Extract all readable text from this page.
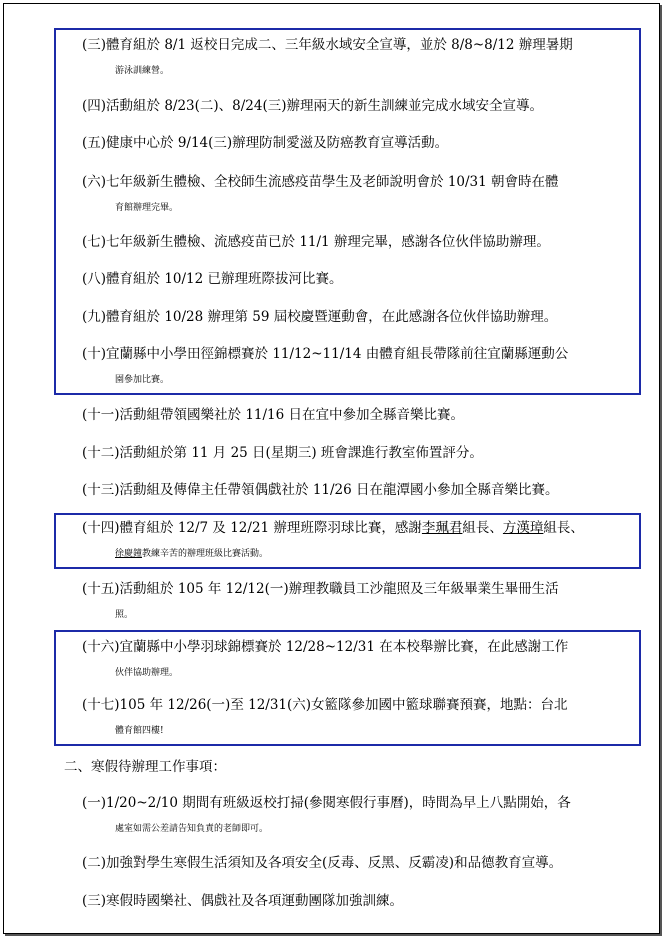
(三)體育組於 8/1 返校日完成二、三年級水域安全宣導，並於 8/8~8/12 辦理暑期
游泳訓練營。
(四)活動組於 8/23(二)、8/24(三)辦理兩天的新生訓練並完成水域安全宣導。
(五)健康中心於 9/14(三)辦理防制愛滋及防癌教育宣導活動。
(六)七年級新生體檢、全校師生流感疫苗學生及老師說明會於 10/31 朝會時在體
育館辦理完畢。
(七)七年級新生體檢、流感疫苗已於 11/1 辦理完畢，感謝各位伙伴協助辦理。
(八)體育組於 10/12 已辦理班際拔河比賽。
(九)體育組於 10/28 辦理第 59 屆校慶暨運動會，在此感謝各位伙伴協助辦理。
(十)宜蘭縣中小學田徑錦標賽於 11/12~11/14 由體育組長帶隊前往宜蘭縣運動公
園參加比賽。
(十一)活動組帶領國樂社於 11/16 日在宜中參加全縣音樂比賽。
(十二)活動組於第 11 月 25 日(星期三) 班會課進行教室佈置評分。
(十三)活動組及傳偉主任帶領偶戲社於 11/26 日在龍潭國小參加全縣音樂比賽。
(十四)體育組於 12/7 及 12/21 辦理班際羽球比賽，感謝李珮君組長、方漢璋組長、
徐慶鐘教練辛苦的辦理班級比賽活動。
(十五)活動組於 105 年 12/12(一)辦理教職員工沙龍照及三年級畢業生畢冊生活
照。
(十六)宜蘭縣中小學羽球錦標賽於 12/28~12/31 在本校舉辦比賽，在此感謝工作
伙伴協助辦理。
(十七)105 年 12/26(一)至 12/31(六)女籃隊參加國中籃球聯賽預賽，地點：台北
體育館四樓!
二、寒假待辦理工作事項：
(一)1/20~2/10 期間有班級返校打掃(參閱寒假行事曆)，時間為早上八點開始，各
處室如需公差請告知負責的老師即可。
(二)加強對學生寒假生活須知及各項安全(反毒、反黑、反霸凌)和品德教育宣導。
(三)寒假時國樂社、偶戲社及各項運動團隊加強訓練。
